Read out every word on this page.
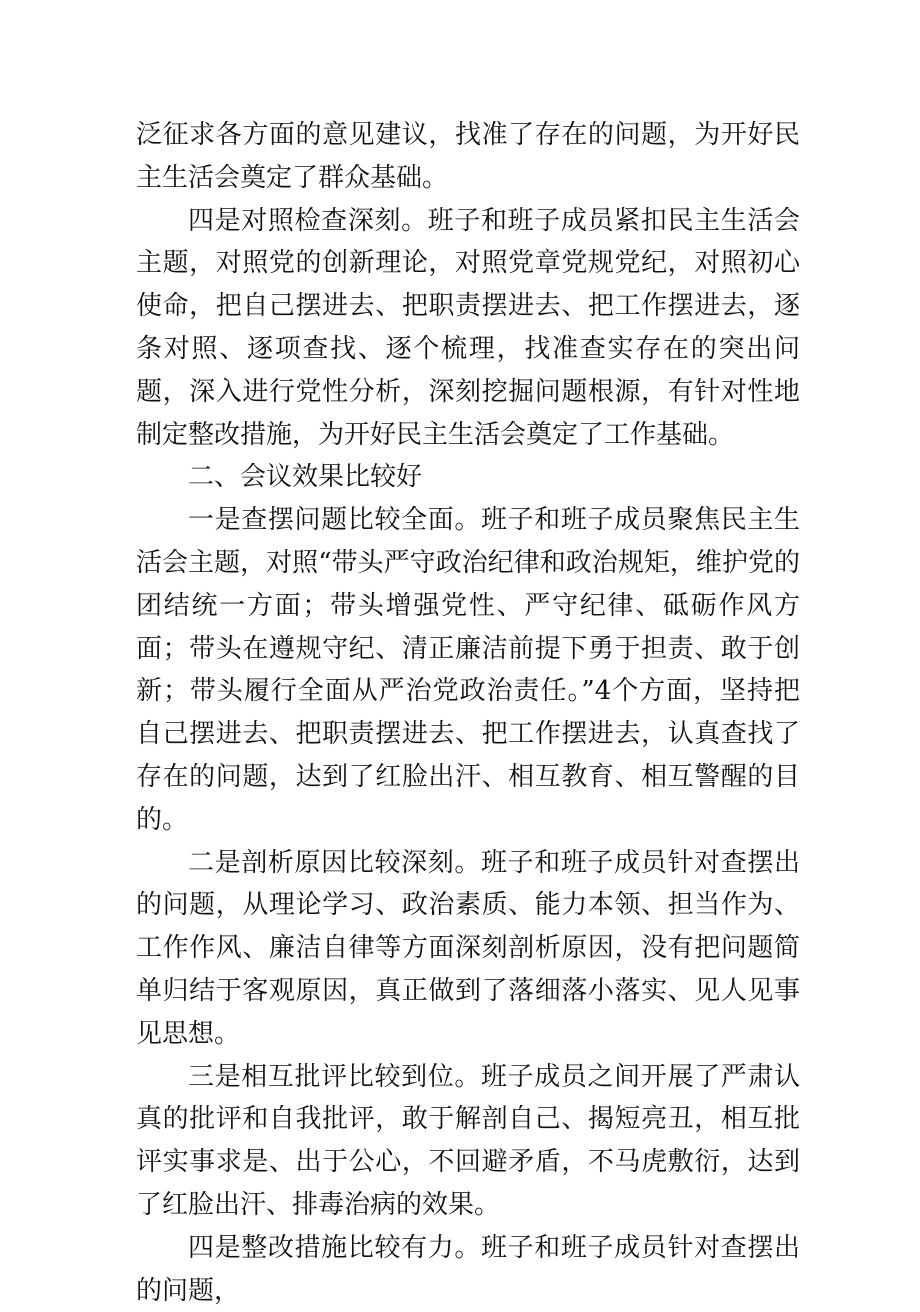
泛征求各方面的意见建议，找准了存在的问题，为开好民主生活会奠定了群众基础。

四是对照检查深刻。班子和班子成员紧扣民主生活会主题，对照党的创新理论，对照党章党规党纪，对照初心使命，把自己摆进去、把职责摆进去、把工作摆进去，逐条对照、逐项查找、逐个梳理，找准查实存在的突出问题，深入进行党性分析，深刻挖掘问题根源，有针对性地制定整改措施，为开好民主生活会奠定了工作基础。

二、会议效果比较好

一是查摆问题比较全面。班子和班子成员聚焦民主生活会主题，对照“带头严守政治纪律和政治规矩，维护党的团结统一方面；带头增强党性、严守纪律、砥砺作风方面；带头在遵规守纪、清正廉洁前提下勇于担责、敢于创新；带头履行全面从严治党政治责任。”4个方面，坚持把自己摆进去、把职责摆进去、把工作摆进去，认真查找了存在的问题，达到了红脸出汗、相互教育、相互警醒的目的。

二是剖析原因比较深刻。班子和班子成员针对查摆出的问题，从理论学习、政治素质、能力本领、担当作为、工作作风、廉洁自律等方面深刻剖析原因，没有把问题简单归结于客观原因，真正做到了落细落小落实、见人见事见思想。

三是相互批评比较到位。班子成员之间开展了严肃认真的批评和自我批评，敢于解剖自己、揭短亮丑，相互批评实事求是、出于公心，不回避矛盾，不马虎敷衍，达到了红脸出汗、排毒治病的效果。

四是整改措施比较有力。班子和班子成员针对查摆出的问题，
